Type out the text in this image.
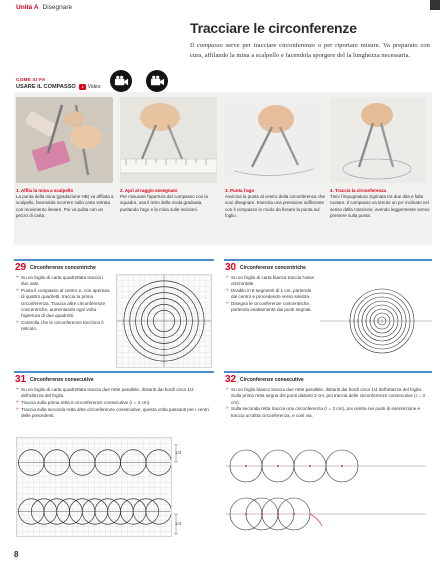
Unità A Disegnare
Tracciare le circonferenze

Il compasso serve per tracciare circonferenze o per riportare misure. Va preparato con cura, affilando la mina a scalpello e facendola sporgere del la lunghezza necessaria.

COME SI FA
USARE IL COMPASSO Video
1. Affila la mina a scalpello
La punta della mina (gradazione HB) va affilata a scalpello, facendola scorrere sulla carta vetrata con movimento lineare. Poi va pulita con un pezzo di carta.
2. Apri al raggio assegnato
Per misurare l'apertura del compasso con la squadra, usa il retro della scala graduata, puntando l'ago e la mina sulle incisioni.
3. Punta l'ago
Avvicina la punta al centro della circonferenza che vuoi disegnare. Esercita una pressione sufficiente con il compasso in modo da fissare la punta sul foglio.
4. Traccia la circonferenza
Tieni l'impugnatura zigrinata tra due dita e falla ruotare. Il compasso va tenuto un po' inclinato nel senso della rotazione, avendo leggermente senso premere sulla punta.
29 Circonferenze concentriche
» Su un foglio di carta quadrettata traccia i due assi.
» Punta il compasso al centro e, con apertura di quattro quadretti, traccia la prima circonferenza. Traccia altre circonferenze concentriche, aumentando ogni volta l'apertura di due quadretti.
» Controlla che le circonferenze tocchino il reticolo.
30 Circonferenze concentriche
» Su un foglio di carta bianca traccia l'asse orizzontale.
» Dividilo in 9 segmenti di 1 cm, partendo dal centro e procedendo verso sinistra.
» Disegna le circonferenze concentriche, partendo esattamente dai punti segnati.
31 Circonferenze consecutive
» Su un foglio di carta quadrettata traccia due rette parallele, distanti dai bordi circa 1/4 dell'altezza del foglio.
» Traccia sulla prima retta 6 circonferenze consecutive (r = 3 cm).
» Traccia sulla seconda retta altre circonferenze consecutive, questa volta passanti per i centri delle precedenti.
1/4
1/4
32 Circonferenze consecutive
» Su un foglio bianco traccia due rette parallele, distanti dai bordi circa 1/4 dell'altezza del foglio. Sulla prima retta segna dei punti distanti 3 cm, poi traccia delle circonferenze consecutive (r = 3 cm).
» Sulla seconda retta traccia una circonferenza (r = 3 cm), poi centra nei punti di intersezione e traccia un'altra circonferenza, e così via.
8
